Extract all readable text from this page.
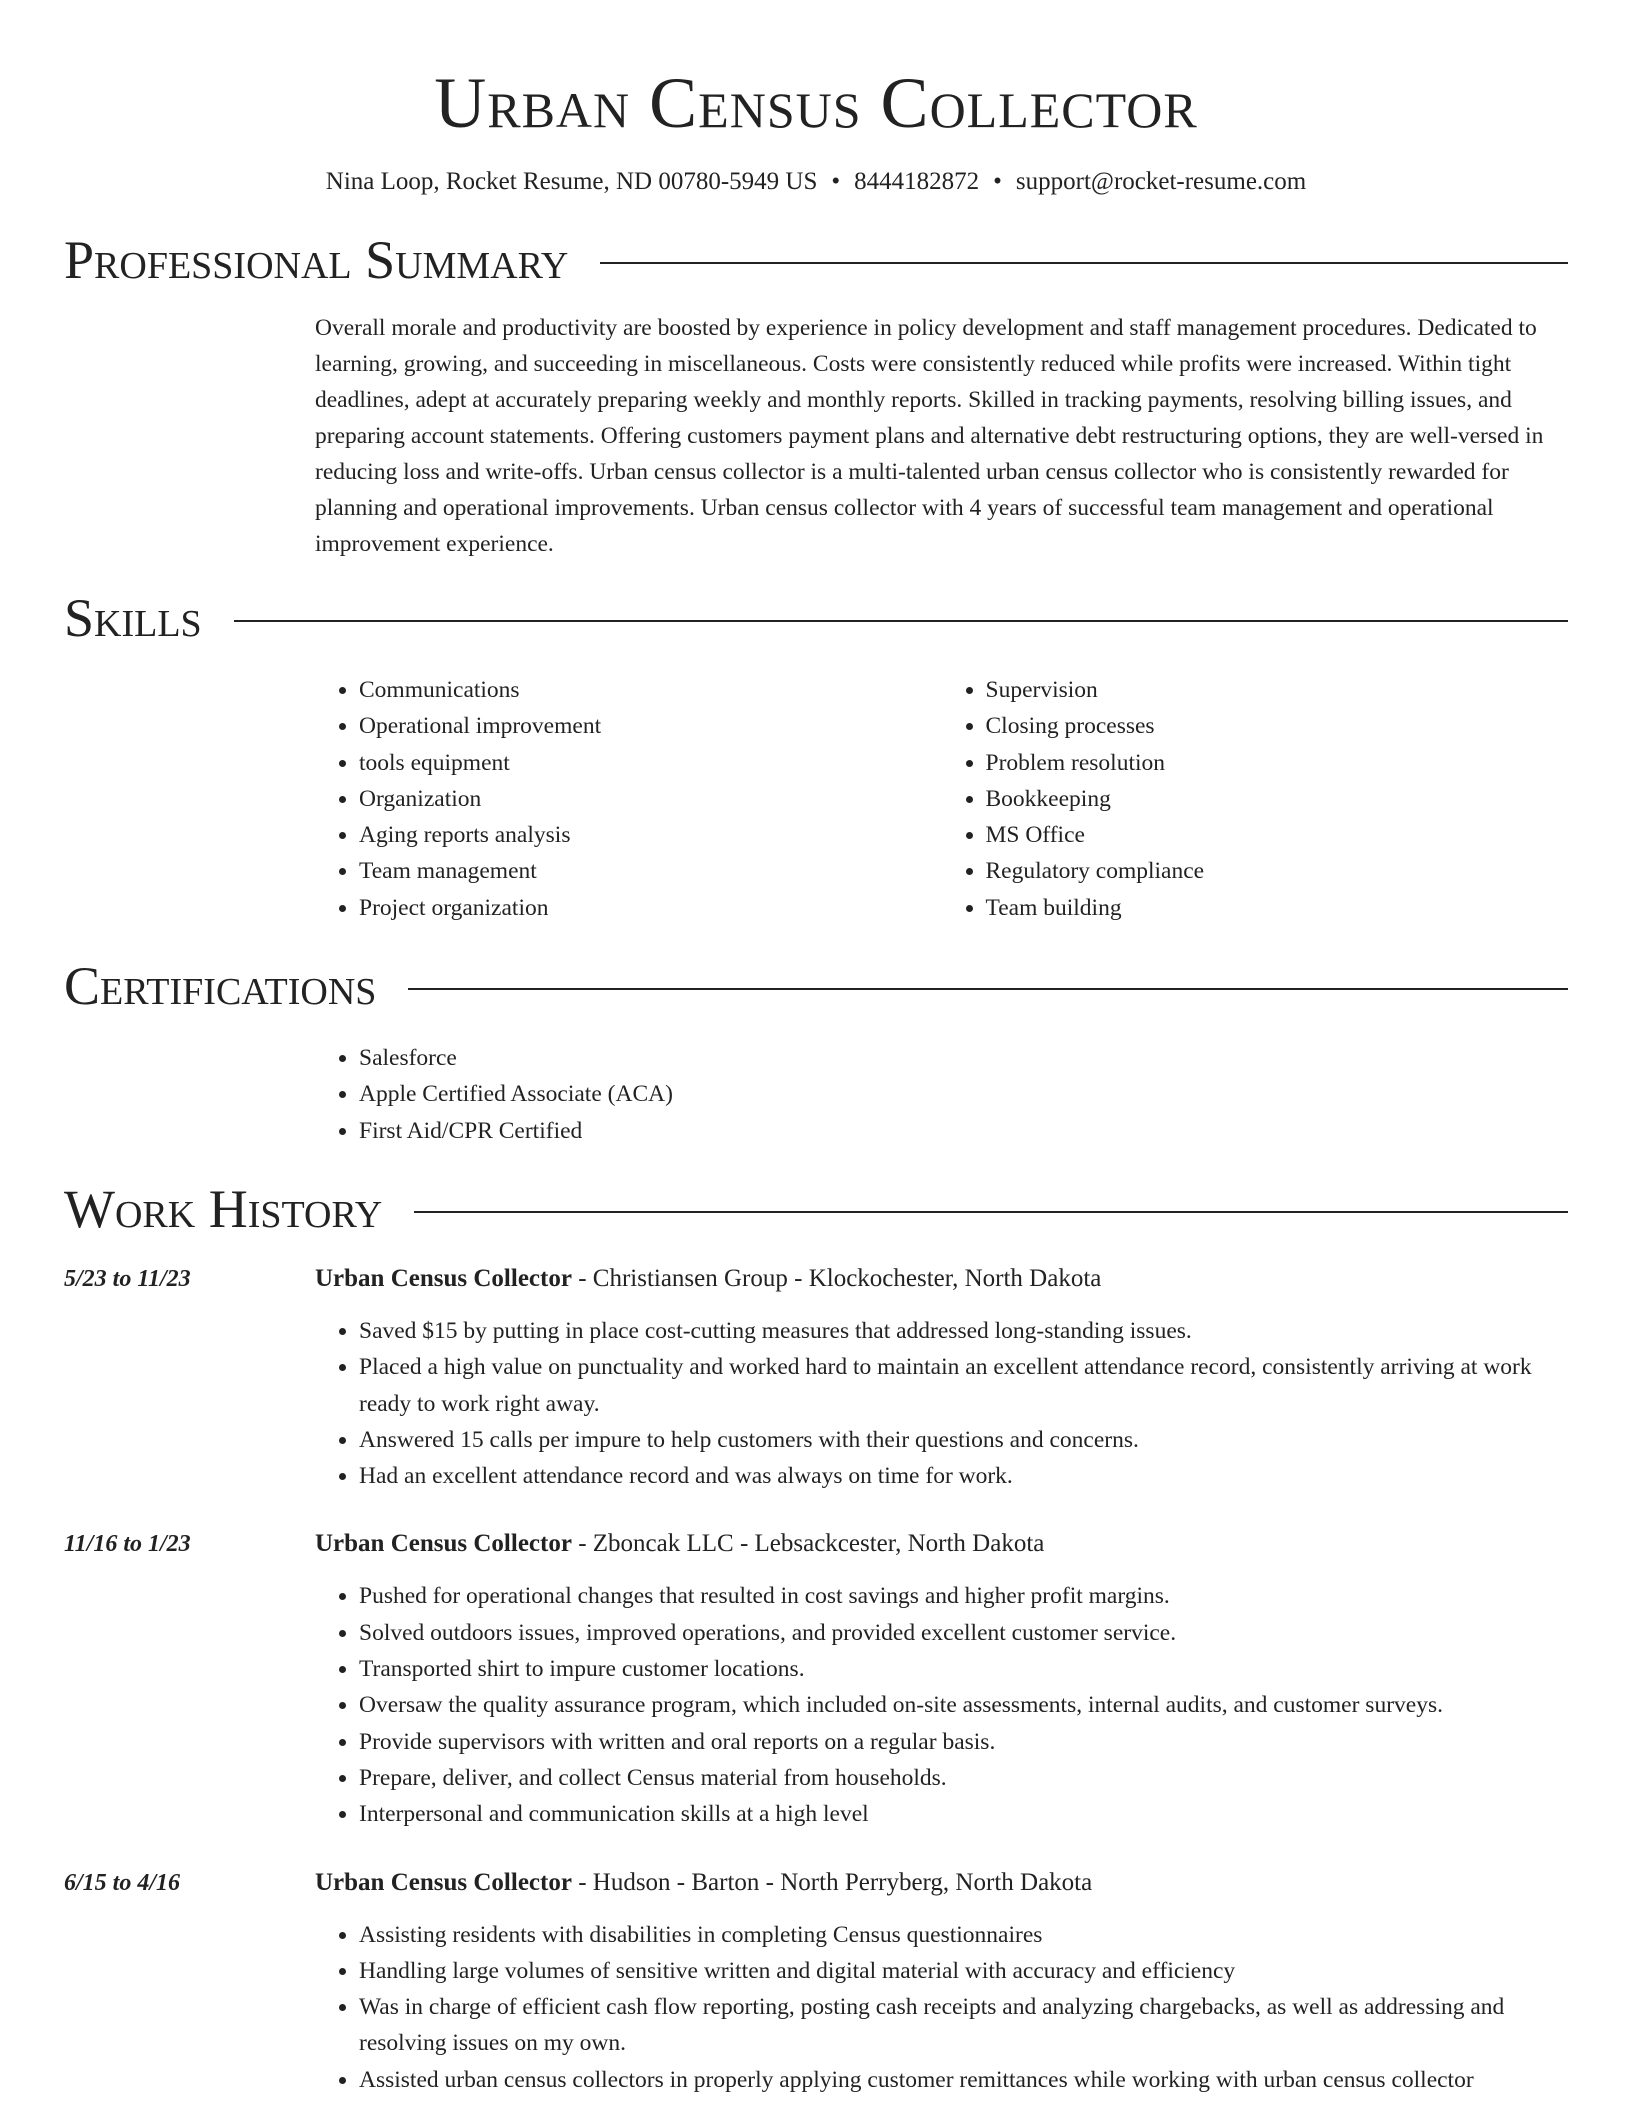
Urban Census Collector
Nina Loop, Rocket Resume, ND 00780-5949 US • 8444182872 • support@rocket-resume.com
Professional Summary
Overall morale and productivity are boosted by experience in policy development and staff management procedures. Dedicated to learning, growing, and succeeding in miscellaneous. Costs were consistently reduced while profits were increased. Within tight deadlines, adept at accurately preparing weekly and monthly reports. Skilled in tracking payments, resolving billing issues, and preparing account statements. Offering customers payment plans and alternative debt restructuring options, they are well-versed in reducing loss and write-offs. Urban census collector is a multi-talented urban census collector who is consistently rewarded for planning and operational improvements. Urban census collector with 4 years of successful team management and operational improvement experience.
Skills
• Communications
• Operational improvement
• tools equipment
• Organization
• Aging reports analysis
• Team management
• Project organization
• Supervision
• Closing processes
• Problem resolution
• Bookkeeping
• MS Office
• Regulatory compliance
• Team building
Certifications
• Salesforce
• Apple Certified Associate (ACA)
• First Aid/CPR Certified
Work History
5/23 to 11/23	Urban Census Collector - Christiansen Group - Klockochester, North Dakota
• Saved $15 by putting in place cost-cutting measures that addressed long-standing issues.
• Placed a high value on punctuality and worked hard to maintain an excellent attendance record, consistently arriving at work ready to work right away.
• Answered 15 calls per impure to help customers with their questions and concerns.
• Had an excellent attendance record and was always on time for work.
11/16 to 1/23	Urban Census Collector - Zboncak LLC - Lebsackcester, North Dakota
• Pushed for operational changes that resulted in cost savings and higher profit margins.
• Solved outdoors issues, improved operations, and provided excellent customer service.
• Transported shirt to impure customer locations.
• Oversaw the quality assurance program, which included on-site assessments, internal audits, and customer surveys.
• Provide supervisors with written and oral reports on a regular basis.
• Prepare, deliver, and collect Census material from households.
• Interpersonal and communication skills at a high level
6/15 to 4/16	Urban Census Collector - Hudson - Barton - North Perryberg, North Dakota
• Assisting residents with disabilities in completing Census questionnaires
• Handling large volumes of sensitive written and digital material with accuracy and efficiency
• Was in charge of efficient cash flow reporting, posting cash receipts and analyzing chargebacks, as well as addressing and resolving issues on my own.
• Assisted urban census collectors in properly applying customer remittances while working with urban census collector
